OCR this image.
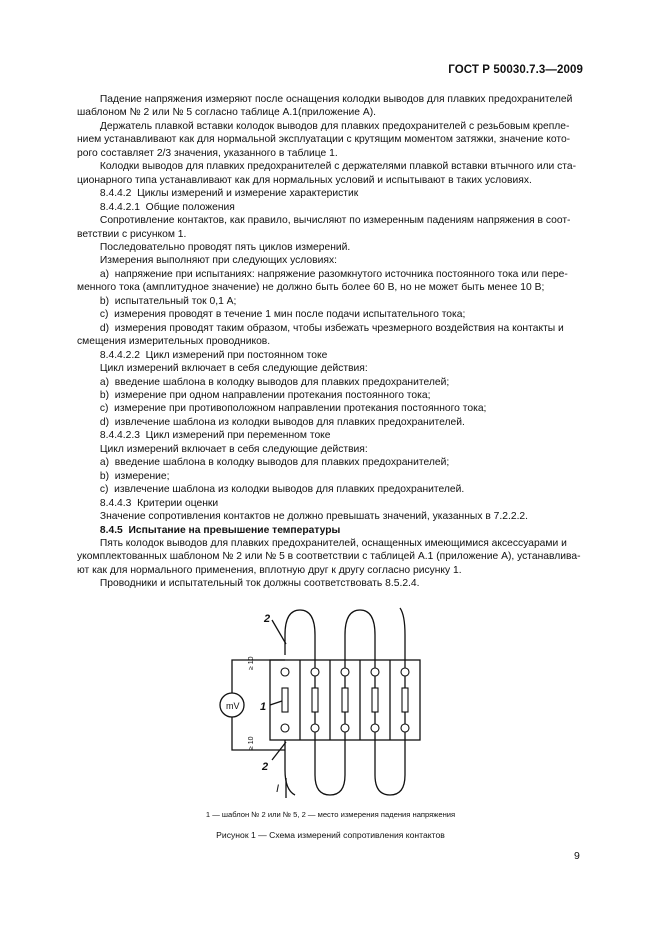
ГОСТ Р 50030.7.3—2009
Падение напряжения измеряют после оснащения колодки выводов для плавких предохранителей
шаблоном № 2 или № 5 согласно таблице А.1(приложение А).
Держатель плавкой вставки колодок выводов для плавких предохранителей с резьбовым крепле-
нием устанавливают как для нормальной эксплуатации с крутящим моментом затяжки, значение кото-
рого составляет 2/3 значения, указанного в таблице 1.
Колодки выводов для плавких предохранителей с держателями плавкой вставки втычного или ста-
ционарного типа устанавливают как для нормальных условий и испытывают в таких условиях.
8.4.4.2  Циклы измерений и измерение характеристик
8.4.4.2.1  Общие положения
Сопротивление контактов, как правило, вычисляют по измеренным падениям напряжения в соот-
ветствии с рисунком 1.
Последовательно проводят пять циклов измерений.
Измерения выполняют при следующих условиях:
а)  напряжение при испытаниях: напряжение разомкнутого источника постоянного тока или пере-
менного тока (амплитудное значение) не должно быть более 60 В, но не может быть менее 10 В;
b)  испытательный ток 0,1 А;
c)  измерения проводят в течение 1 мин после подачи испытательного тока;
d)  измерения проводят таким образом, чтобы избежать чрезмерного воздействия на контакты и
смещения измерительных проводников.
8.4.4.2.2  Цикл измерений при постоянном токе
Цикл измерений включает в себя следующие действия:
a)  введение шаблона в колодку выводов для плавких предохранителей;
b)  измерение при одном направлении протекания постоянного тока;
c)  измерение при противоположном направлении протекания постоянного тока;
d)  извлечение шаблона из колодки выводов для плавких предохранителей.
8.4.4.2.3  Цикл измерений при переменном токе
Цикл измерений включает в себя следующие действия:
a)  введение шаблона в колодку выводов для плавких предохранителей;
b)  измерение;
c)  извлечение шаблона из колодки выводов для плавких предохранителей.
8.4.4.3  Критерии оценки
Значение сопротивления контактов не должно превышать значений, указанных в 7.2.2.2.
8.4.5  Испытание на превышение температуры
Пять колодок выводов для плавких предохранителей, оснащенных имеющимися аксессуарами и
укомплектованных шаблоном № 2 или № 5 в соответствии с таблицей А.1 (приложение А), устанавлива-
ют как для нормального применения, вплотную друг к другу согласно рисунку 1.
Проводники и испытательный ток должны соответствовать 8.5.2.4.
mV
2
2
1
I
≥ 10
≥ 10
1 — шаблон № 2 или № 5, 2 — место измерения падения напряжения
Рисунок 1 — Схема измерений сопротивления контактов
9
